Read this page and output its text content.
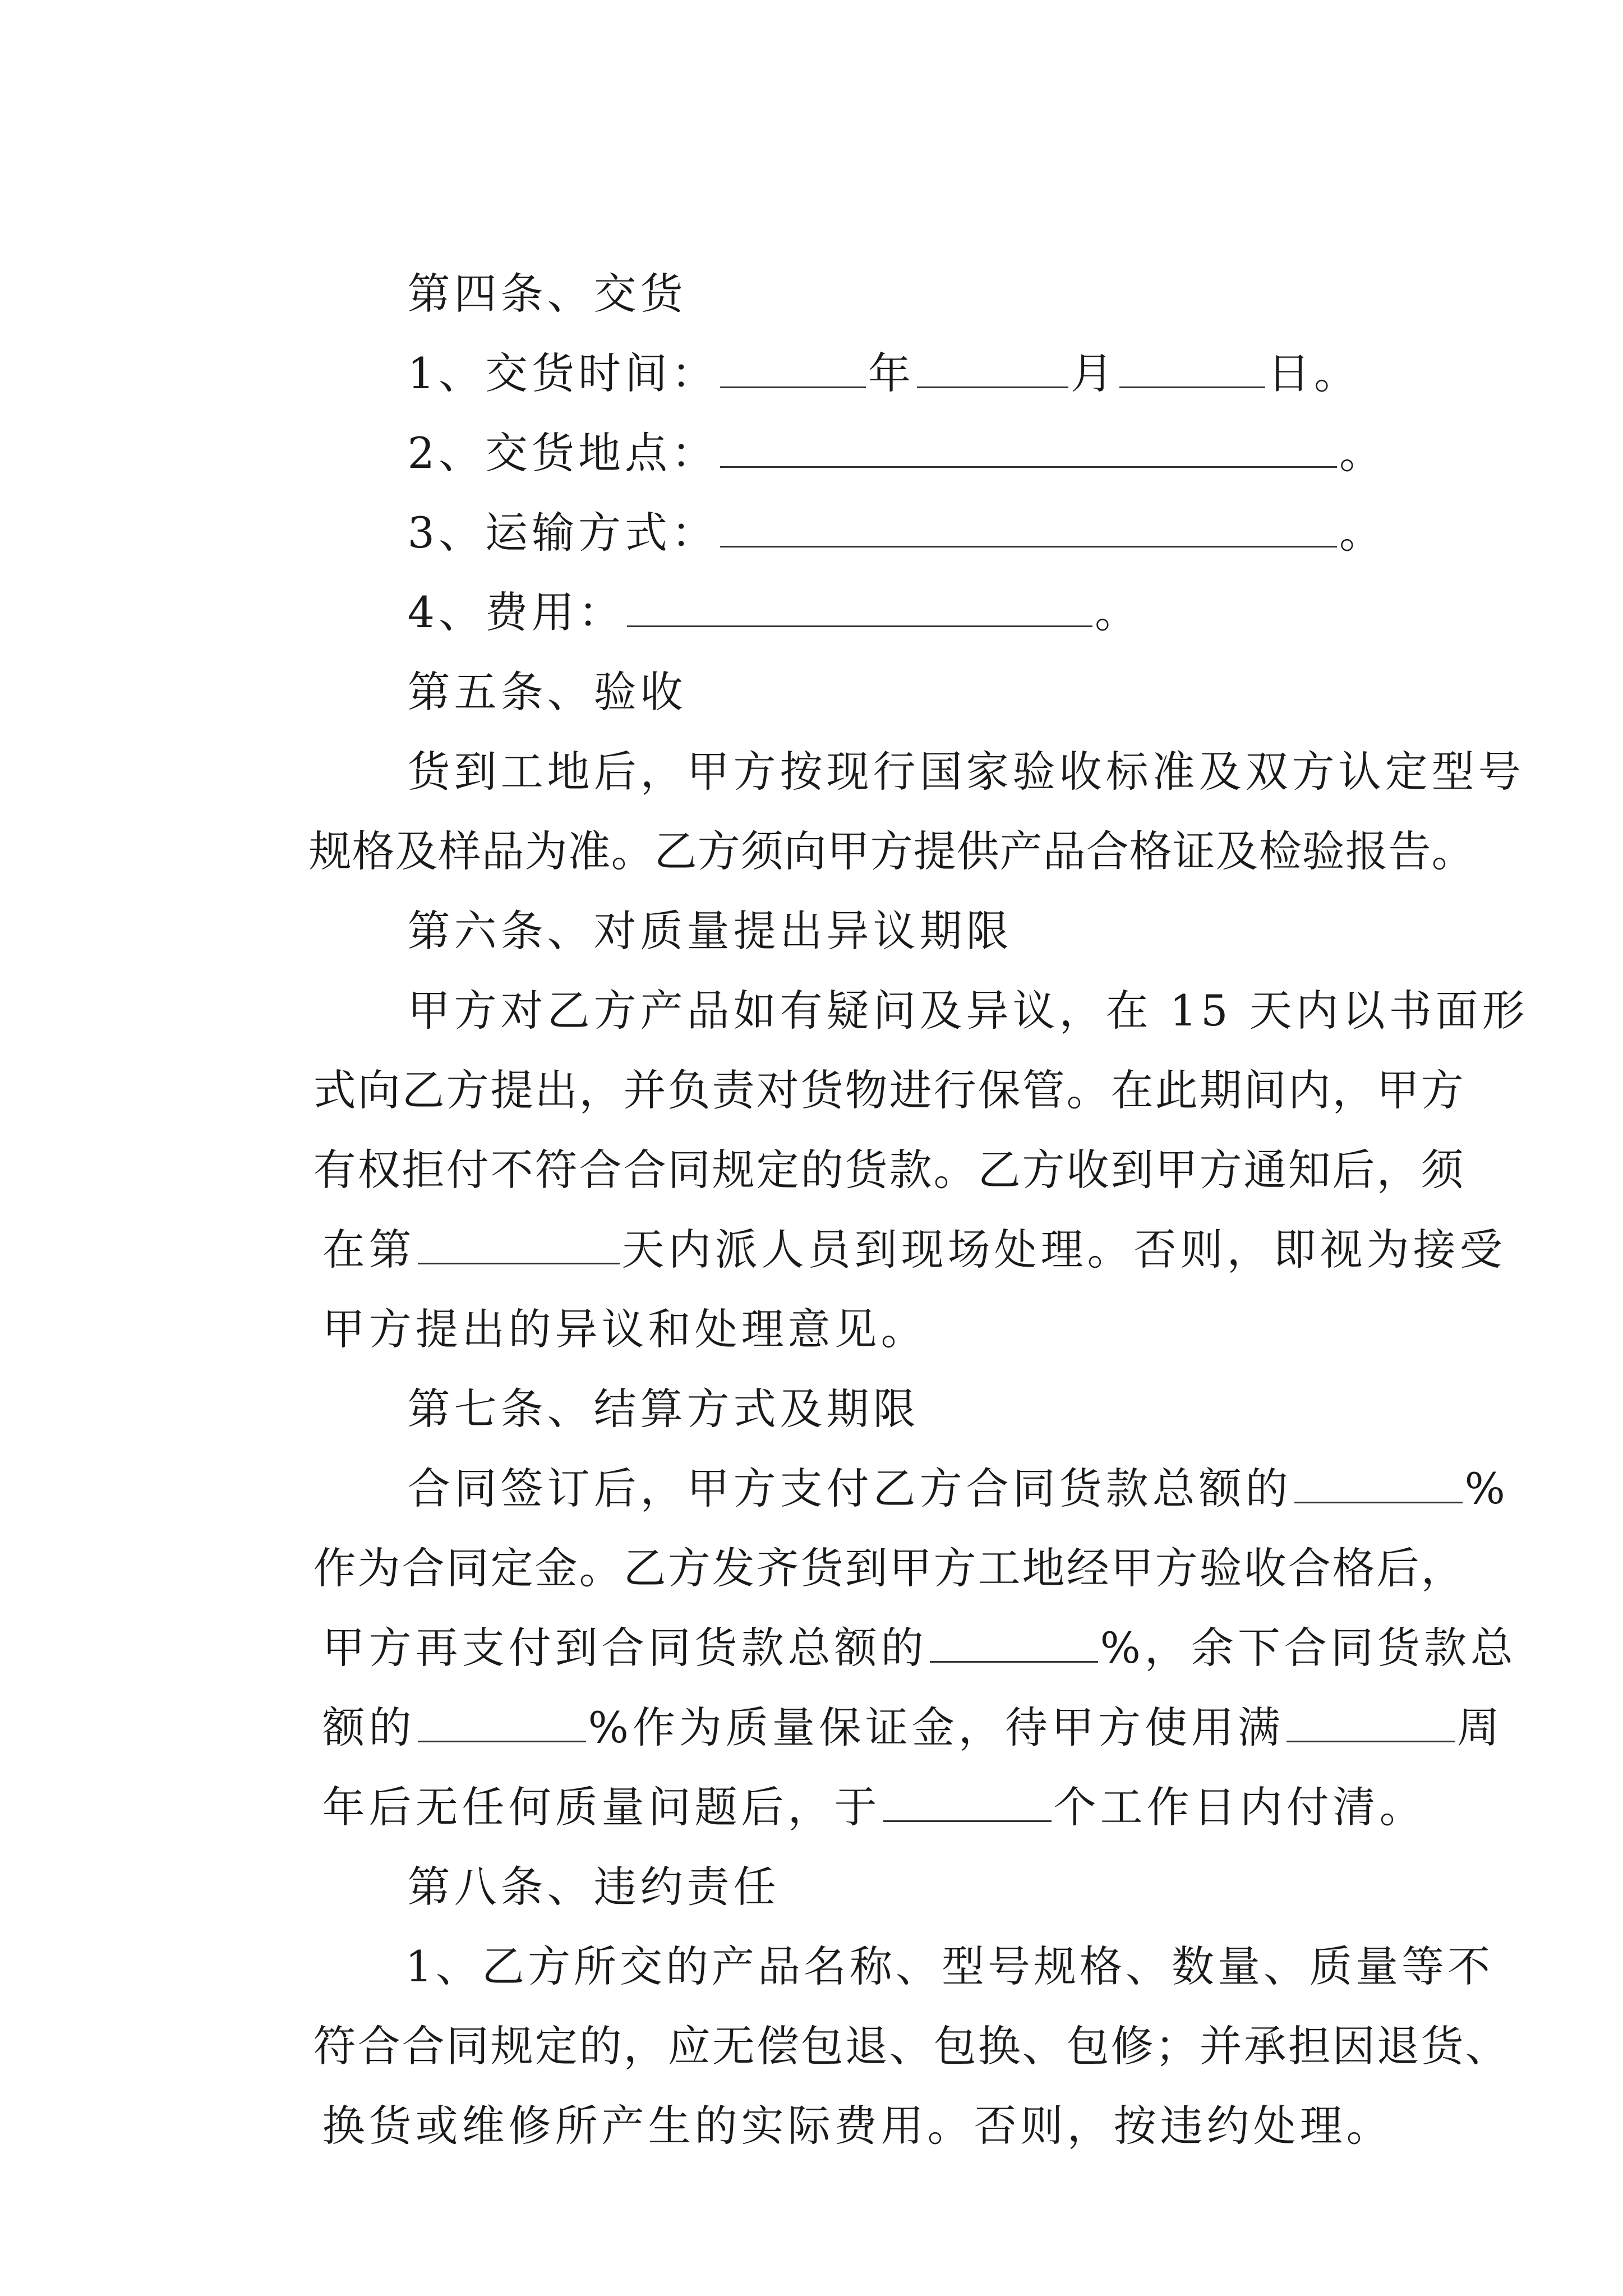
第四条、交货

1、交货时间：	年	月	日。

2、交货地点：	。

3、运输方式：	。

4、费用：	。

第五条、验收

货到工地后，甲方按现行国家验收标准及双方认定型号

规格及样品为准。乙方须向甲方提供产品合格证及检验报告。

第六条、对质量提出异议期限

甲方对乙方产品如有疑问及异议，在 15 天内以书面形

式向乙方提出，并负责对货物进行保管。在此期间内，甲方

有权拒付不符合合同规定的货款。乙方收到甲方通知后，须

在第	天内派人员到现场处理。否则，即视为接受

甲方提出的异议和处理意见。

第七条、结算方式及期限

合同签订后，甲方支付乙方合同货款总额的	%

作为合同定金。乙方发齐货到甲方工地经甲方验收合格后，

甲方再支付到合同货款总额的	%，余下合同货款总

额的	%作为质量保证金，待甲方使用满	周

年后无任何质量问题后，于	个工作日内付清。

第八条、违约责任

1、乙方所交的产品名称、型号规格、数量、质量等不

符合合同规定的，应无偿包退、包换、包修；并承担因退货、

换货或维修所产生的实际费用。否则，按违约处理。
